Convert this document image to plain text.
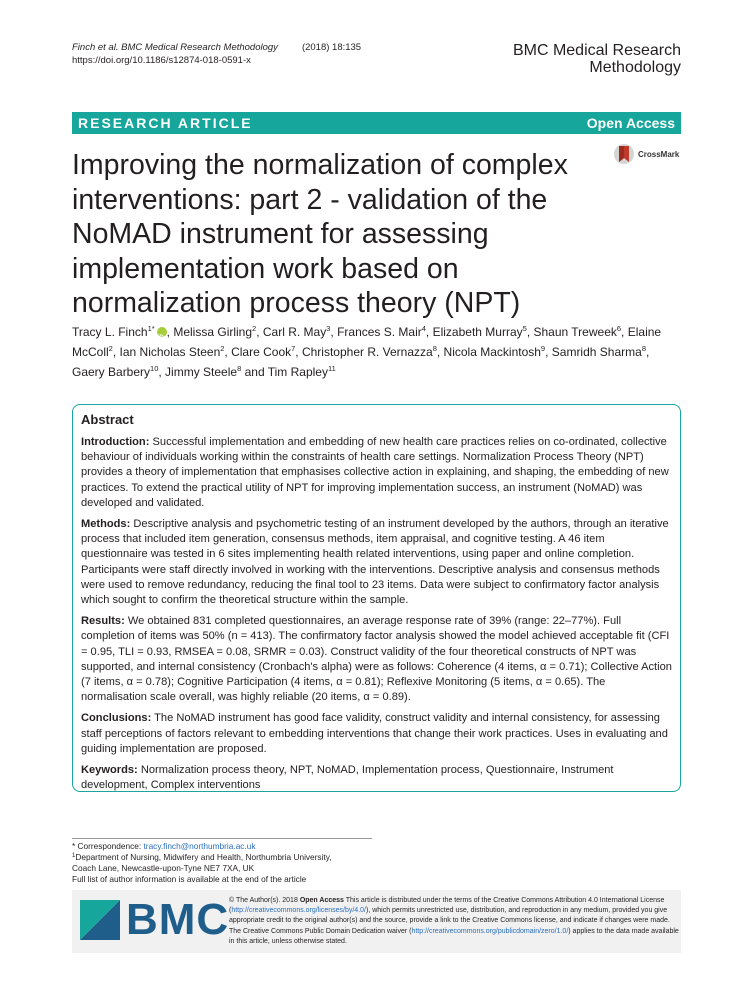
Finch et al. BMC Medical Research Methodology	(2018) 18:135
https://doi.org/10.1186/s12874-018-0591-x
BMC Medical Research
Methodology
RESEARCH ARTICLE	Open Access
Improving the normalization of complex interventions: part 2 - validation of the NoMAD instrument for assessing implementation work based on normalization process theory (NPT)
CrossMark
Tracy L. Finch$^{1*}$iD , Melissa Girling$^2$, Carl R. May$^3$, Frances S. Mair$^4$, Elizabeth Murray$^5$, Shaun Treweek$^6$, Elaine McColl$^2$, Ian Nicholas Steen$^2$, Clare Cook$^7$, Christopher R. Vernazza$^8$, Nicola Mackintosh$^9$, Samridh Sharma$^8$, Gaery Barbery$^{10}$, Jimmy Steele$^8$ and Tim Rapley$^{11}$
Abstract

Introduction: Successful implementation and embedding of new health care practices relies on co-ordinated, collective behaviour of individuals working within the constraints of health care settings. Normalization Process Theory (NPT) provides a theory of implementation that emphasises collective action in explaining, and shaping, the embedding of new practices. To extend the practical utility of NPT for improving implementation success, an instrument (NoMAD) was developed and validated.

Methods: Descriptive analysis and psychometric testing of an instrument developed by the authors, through an iterative process that included item generation, consensus methods, item appraisal, and cognitive testing. A 46 item questionnaire was tested in 6 sites implementing health related interventions, using paper and online completion. Participants were staff directly involved in working with the interventions. Descriptive analysis and consensus methods were used to remove redundancy, reducing the final tool to 23 items. Data were subject to confirmatory factor analysis which sought to confirm the theoretical structure within the sample.

Results: We obtained 831 completed questionnaires, an average response rate of 39% (range: 22–77%). Full completion of items was 50% (n = 413). The confirmatory factor analysis showed the model achieved acceptable fit (CFI = 0.95, TLI = 0.93, RMSEA = 0.08, SRMR = 0.03). Construct validity of the four theoretical constructs of NPT was supported, and internal consistency (Cronbach's alpha) were as follows: Coherence (4 items, α = 0.71); Collective Action (7 items, α = 0.78); Cognitive Participation (4 items, α = 0.81); Reflexive Monitoring (5 items, α = 0.65). The normalisation scale overall, was highly reliable (20 items, α = 0.89).

Conclusions: The NoMAD instrument has good face validity, construct validity and internal consistency, for assessing staff perceptions of factors relevant to embedding interventions that change their work practices. Uses in evaluating and guiding implementation are proposed.

Keywords: Normalization process theory, NPT, NoMAD, Implementation process, Questionnaire, Instrument development, Complex interventions

* Correspondence: tracy.finch@northumbria.ac.uk
$^1$Department of Nursing, Midwifery and Health, Northumbria University,
Coach Lane, Newcastle-upon-Tyne NE7 7XA, UK
Full list of author information is available at the end of the article
BMC © The Author(s). 2018 Open Access This article is distributed under the terms of the Creative Commons Attribution 4.0 International License (http://creativecommons.org/licenses/by/4.0/), which permits unrestricted use, distribution, and reproduction in any medium, provided you give appropriate credit to the original author(s) and the source, provide a link to the Creative Commons license, and indicate if changes were made. The Creative Commons Public Domain Dedication waiver (http://creativecommons.org/publicdomain/zero/1.0/) applies to the data made available in this article, unless otherwise stated.
